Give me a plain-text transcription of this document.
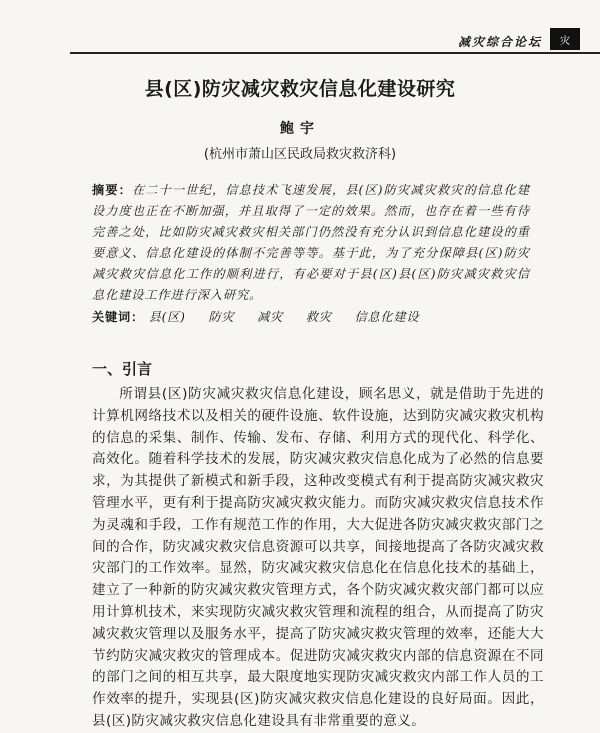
减灾综合论坛 灾
县(区)防灾减灾救灾信息化建设研究
鲍宇
(杭州市萧山区民政局救灾救济科)
摘要：在二十一世纪，信息技术飞速发展，县(区)防灾减灾救灾的信息化建设力度也正在不断加强，并且取得了一定的效果。然而，也存在着一些有待完善之处，比如防灾减灾救灾相关部门仍然没有充分认识到信息化建设的重要意义、信息化建设的体制不完善等等。基于此，为了充分保障县(区)防灾减灾救灾信息化工作的顺利进行，有必要对于县(区)县(区)防灾减灾救灾信息化建设工作进行深入研究。
关键词： 县(区) 防灾 减灾 救灾 信息化建设
一、引言
所谓县(区)防灾减灾救灾信息化建设，顾名思义，就是借助于先进的计算机网络技术以及相关的硬件设施、软件设施，达到防灾减灾救灾机构的信息的采集、制作、传输、发布、存储、利用方式的现代化、科学化、高效化。随着科学技术的发展，防灾减灾救灾信息化成为了必然的信息要求，为其提供了新模式和新手段，这种改变模式有利于提高防灾减灾救灾管理水平，更有利于提高防灾减灾救灾能力。而防灾减灾救灾信息技术作为灵魂和手段，工作有规范工作的作用，大大促进各防灾减灾救灾部门之间的合作，防灾减灾救灾信息资源可以共享，间接地提高了各防灾减灾救灾部门的工作效率。显然，防灾减灾救灾信息化在信息化技术的基础上，建立了一种新的防灾减灾救灾管理方式，各个防灾减灾救灾部门都可以应用计算机技术，来实现防灾减灾救灾管理和流程的组合，从而提高了防灾减灾救灾管理以及服务水平，提高了防灾减灾救灾管理的效率，还能大大节约防灾减灾救灾的管理成本。促进防灾减灾救灾内部的信息资源在不同的部门之间的相互共享，最大限度地实现防灾减灾救灾内部工作人员的工作效率的提升，实现县(区)防灾减灾救灾信息化建设的良好局面。因此，县(区)防灾减灾救灾信息化建设具有非常重要的意义。
